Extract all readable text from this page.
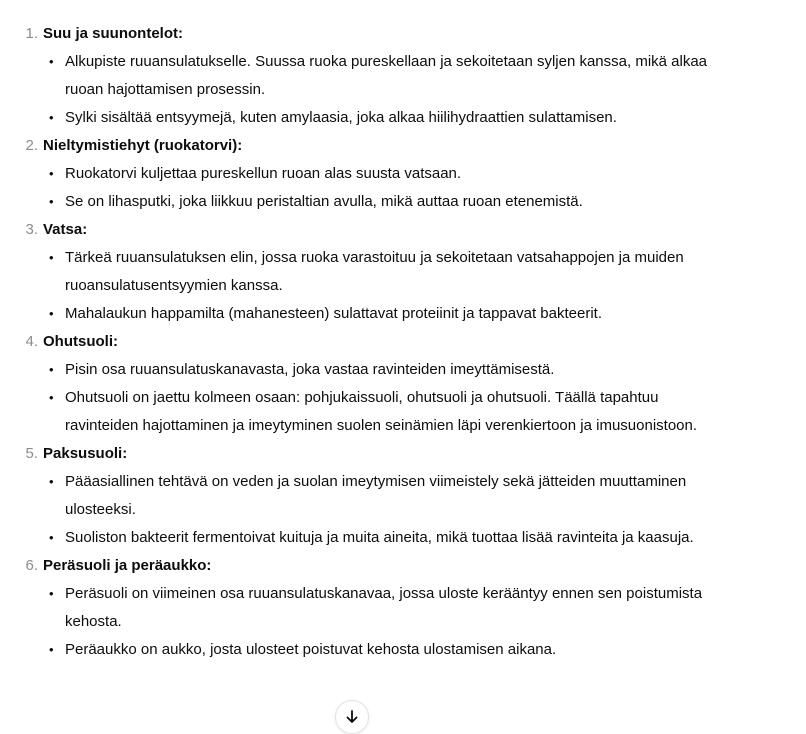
1. Suu ja suunontelot:
• Alkupiste ruuansulatukselle. Suussa ruoka pureskellaan ja sekoitetaan syljen kanssa, mikä alkaa ruoan hajottamisen prosessin.
• Sylki sisältää entsyymejä, kuten amylaasia, joka alkaa hiilihydraattien sulattamisen.
2. Nieltymistiehyt (ruokatorvi):
• Ruokatorvi kuljettaa pureskellun ruoan alas suusta vatsaan.
• Se on lihasputki, joka liikkuu peristaltian avulla, mikä auttaa ruoan etenemistä.
3. Vatsa:
• Tärkeä ruuansulatuksen elin, jossa ruoka varastoituu ja sekoitetaan vatsahappojen ja muiden ruoansulatusentsyymien kanssa.
• Mahalaukun happamilta (mahanesteen) sulattavat proteiinit ja tappavat bakteerit.
4. Ohutsuoli:
• Pisin osa ruuansulatuskanavasta, joka vastaa ravinteiden imeyttämisestä.
• Ohutsuoli on jaettu kolmeen osaan: pohjukaissuoli, ohutsuoli ja ohutsuoli. Täällä tapahtuu ravinteiden hajottaminen ja imeytyminen suolen seinämien läpi verenkiertoon ja imusuonistoon.
5. Paksusuoli:
• Pääasiallinen tehtävä on veden ja suolan imeytymisen viimeistely sekä jätteiden muuttaminen ulosteeksi.
• Suoliston bakteerit fermentoivat kuituja ja muita aineita, mikä tuottaa lisää ravinteita ja kaasuja.
6. Peräsuoli ja peräaukko:
• Peräsuoli on viimeinen osa ruuansulatuskanavaa, jossa uloste kerääntyy ennen sen poistumista kehosta.
• Peräaukko on aukko, josta ulosteet poistuvat kehosta ulostamisen aikana.
